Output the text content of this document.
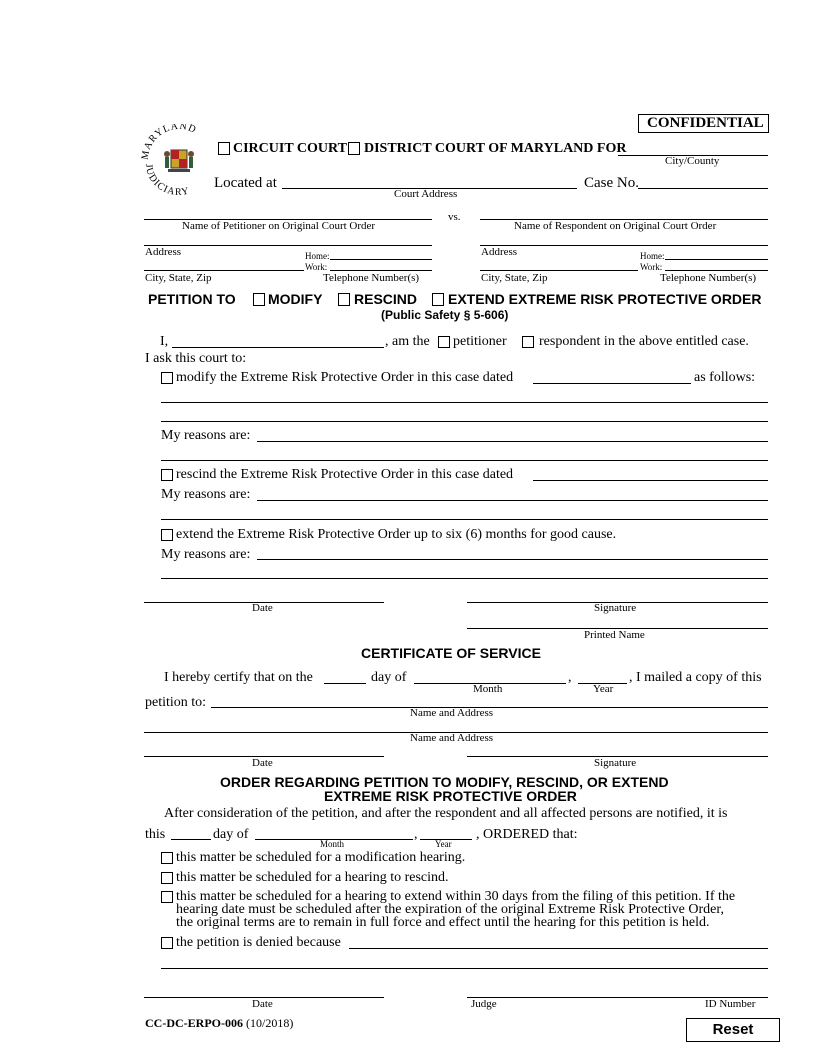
CONFIDENTIAL
MARYLAND
JUDICIARY
CIRCUIT COURT DISTRICT COURT OF MARYLAND FOR
City/County
Located at
Court Address
Case No.
Name of Petitioner on Original Court Order
vs.
Name of Respondent on Original Court Order
Address	Home:
Work:
City, State, Zip	Telephone Number(s)
Address	Home:
Work:
City, State, Zip	Telephone Number(s)
PETITION TO MODIFY RESCIND EXTEND EXTREME RISK PROTECTIVE ORDER
(Public Safety § 5-606)
I,	, am the petitioner respondent in the above entitled case.
I ask this court to:
modify the Extreme Risk Protective Order in this case dated	as follows:
My reasons are:
rescind the Extreme Risk Protective Order in this case dated
My reasons are:
extend the Extreme Risk Protective Order up to six (6) months for good cause.
My reasons are:
Date	Signature
Printed Name
CERTIFICATE OF SERVICE
I hereby certify that on the	day of
Month
,
Year
, I mailed a copy of this
petition to:
Name and Address
Name and Address
Date	Signature
ORDER REGARDING PETITION TO MODIFY, RESCIND, OR EXTEND
EXTREME RISK PROTECTIVE ORDER
After consideration of the petition, and after the respondent and all affected persons are notified, it is
this	day of
Month
,
Year
, ORDERED that:
this matter be scheduled for a modification hearing.
this matter be scheduled for a hearing to rescind.
this matter be scheduled for a hearing to extend within 30 days from the filing of this petition. If the
hearing date must be scheduled after the expiration of the original Extreme Risk Protective Order,
the original terms are to remain in full force and effect until the hearing for this petition is held.
the petition is denied because
Date	Judge	ID Number
CC-DC-ERPO-006 (10/2018)	Reset
